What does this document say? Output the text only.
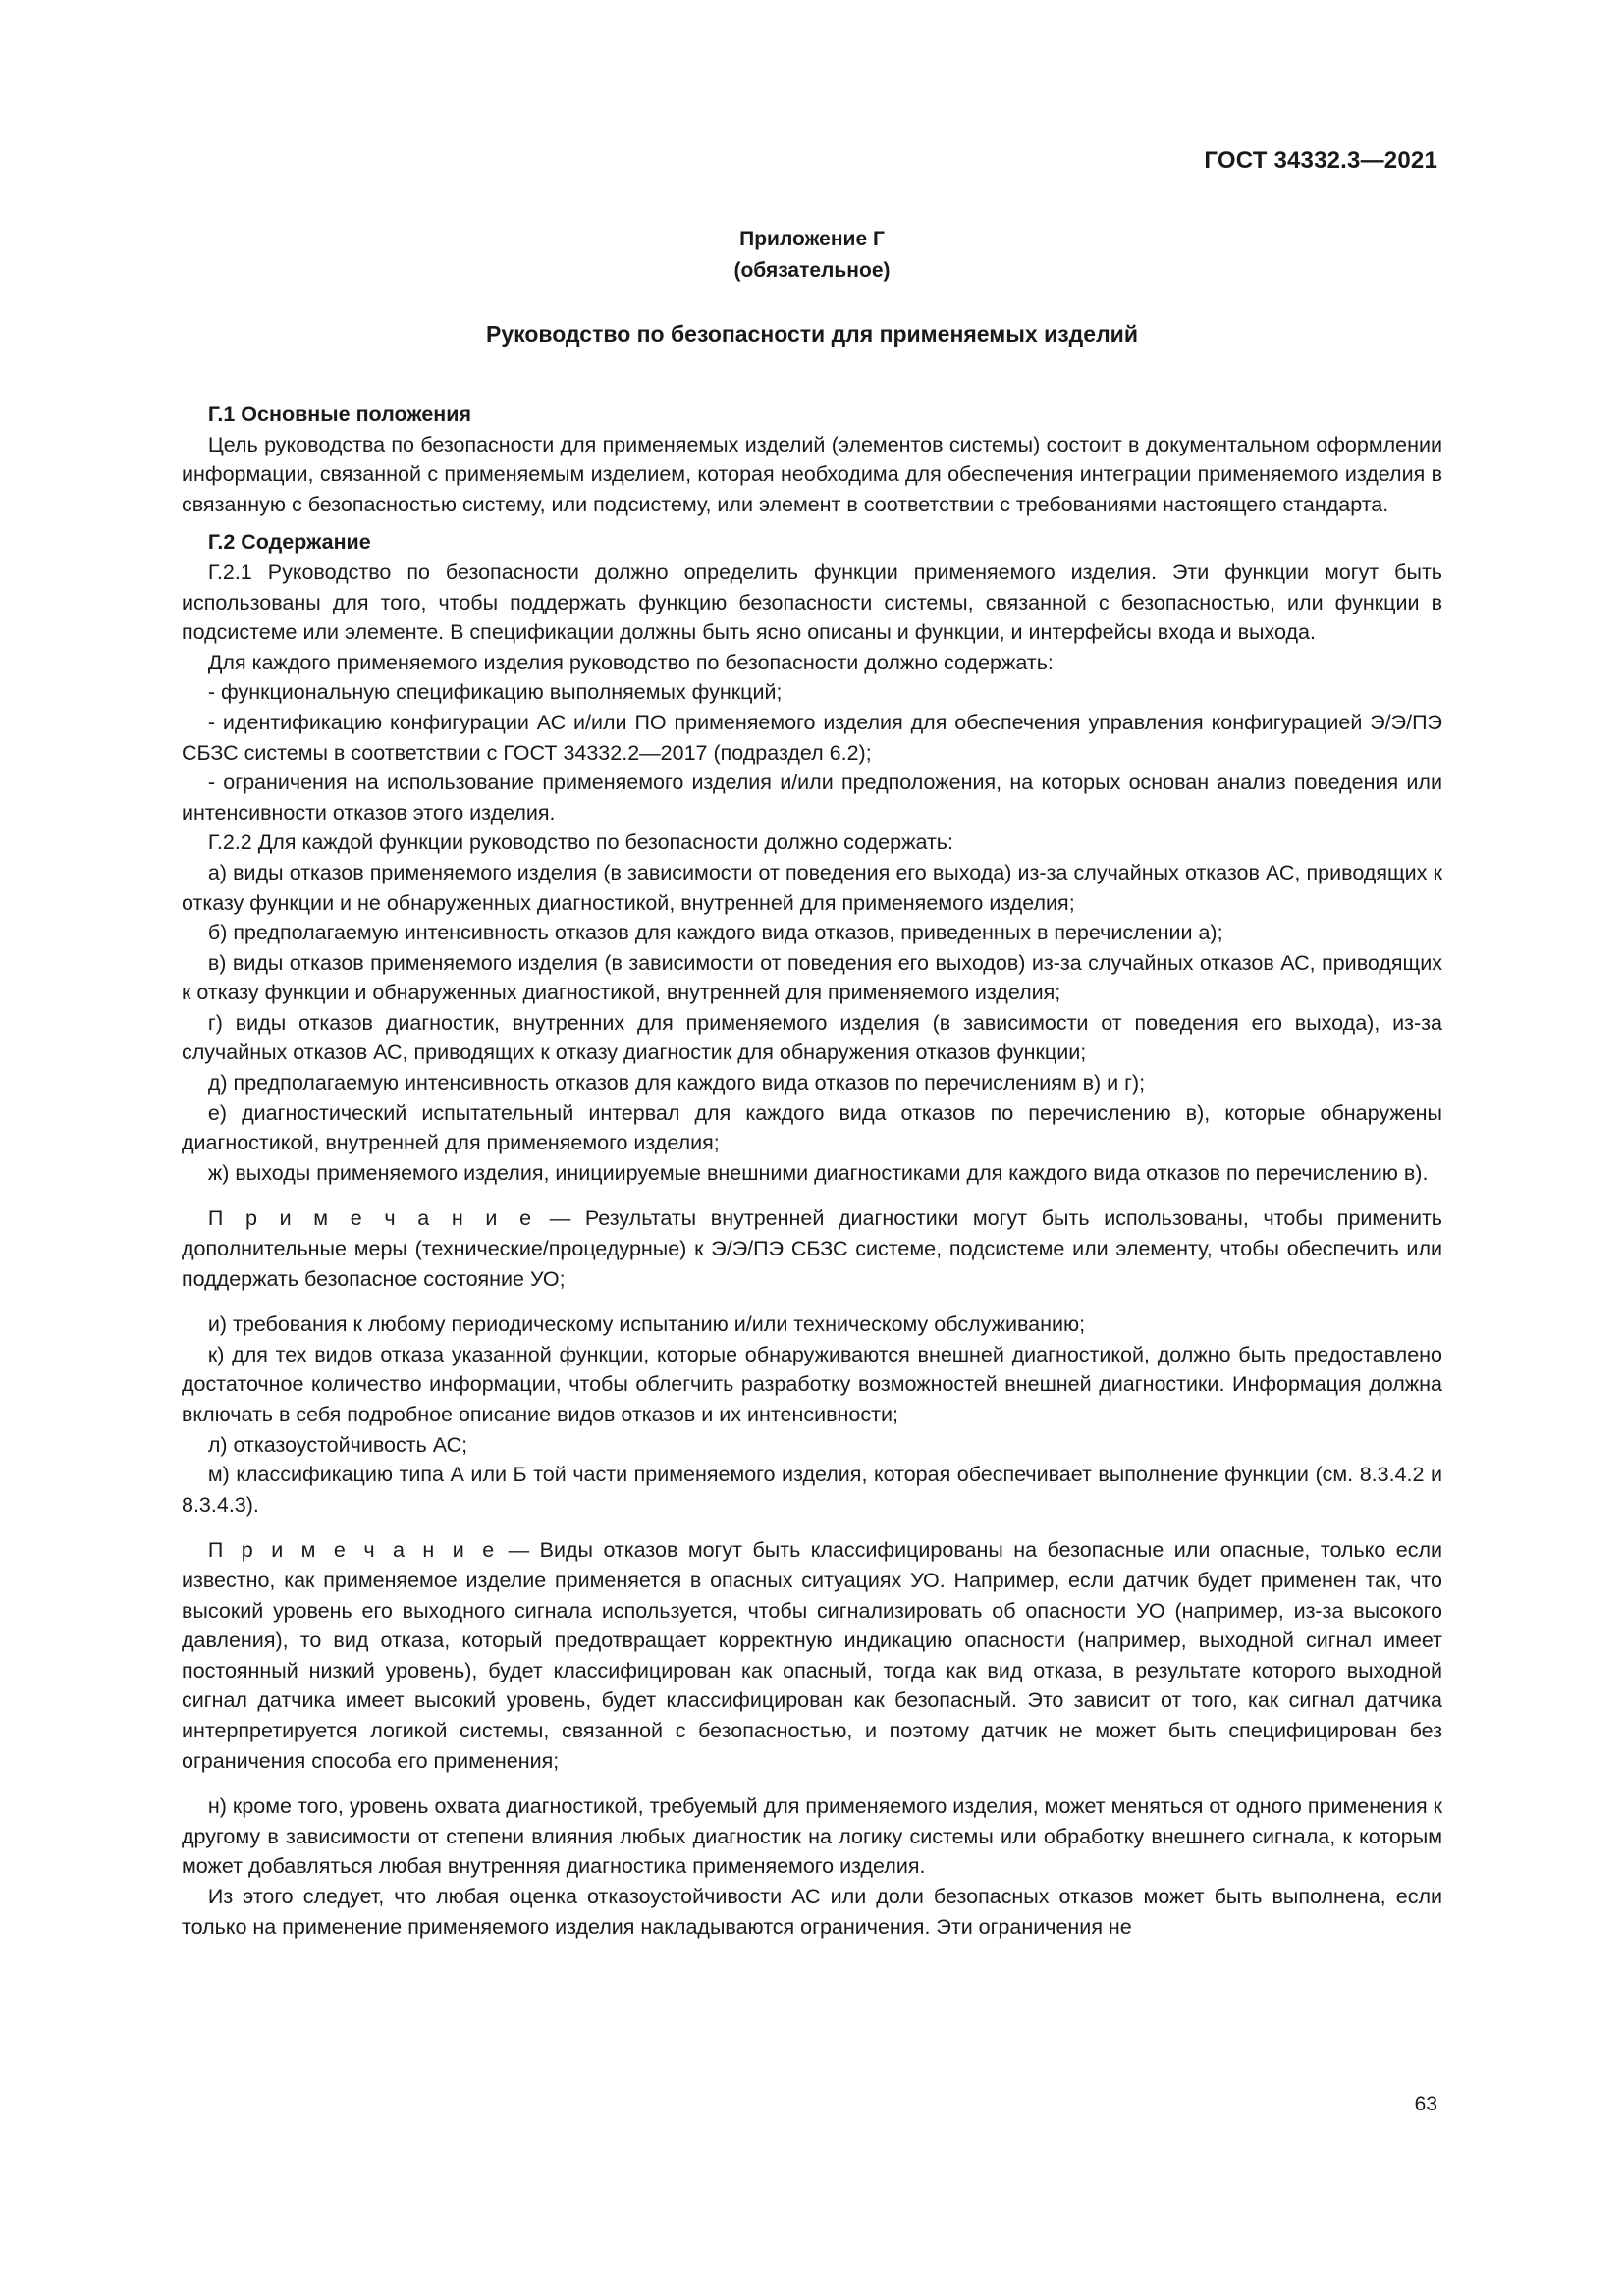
ГОСТ 34332.3—2021
Приложение Г
(обязательное)
Руководство по безопасности для применяемых изделий

Г.1 Основные положения

Цель руководства по безопасности для применяемых изделий (элементов системы) состоит в документальном оформлении информации, связанной с применяемым изделием, которая необходима для обеспечения интеграции применяемого изделия в связанную с безопасностью систему, или подсистему, или элемент в соответствии с требованиями настоящего стандарта.

Г.2 Содержание

Г.2.1 Руководство по безопасности должно определить функции применяемого изделия. Эти функции могут быть использованы для того, чтобы поддержать функцию безопасности системы, связанной с безопасностью, или функции в подсистеме или элементе. В спецификации должны быть ясно описаны и функции, и интерфейсы входа и выхода.

Для каждого применяемого изделия руководство по безопасности должно содержать:

- функциональную спецификацию выполняемых функций;

- идентификацию конфигурации АС и/или ПО применяемого изделия для обеспечения управления конфигурацией Э/Э/ПЭ СБЗС системы в соответствии с ГОСТ 34332.2—2017 (подраздел 6.2);

- ограничения на использование применяемого изделия и/или предположения, на которых основан анализ поведения или интенсивности отказов этого изделия.

Г.2.2 Для каждой функции руководство по безопасности должно содержать:

а) виды отказов применяемого изделия (в зависимости от поведения его выхода) из-за случайных отказов АС, приводящих к отказу функции и не обнаруженных диагностикой, внутренней для применяемого изделия;

б) предполагаемую интенсивность отказов для каждого вида отказов, приведенных в перечислении а);

в) виды отказов применяемого изделия (в зависимости от поведения его выходов) из-за случайных отказов АС, приводящих к отказу функции и обнаруженных диагностикой, внутренней для применяемого изделия;

г) виды отказов диагностик, внутренних для применяемого изделия (в зависимости от поведения его выхода), из-за случайных отказов АС, приводящих к отказу диагностик для обнаружения отказов функции;

д) предполагаемую интенсивность отказов для каждого вида отказов по перечислениям в) и г);

е) диагностический испытательный интервал для каждого вида отказов по перечислению в), которые обнаружены диагностикой, внутренней для применяемого изделия;

ж) выходы применяемого изделия, инициируемые внешними диагностиками для каждого вида отказов по перечислению в).

П р и м е ч а н и е — Результаты внутренней диагностики могут быть использованы, чтобы применить дополнительные меры (технические/процедурные) к Э/Э/ПЭ СБЗС системе, подсистеме или элементу, чтобы обеспечить или поддержать безопасное состояние УО;

и) требования к любому периодическому испытанию и/или техническому обслуживанию;

к) для тех видов отказа указанной функции, которые обнаруживаются внешней диагностикой, должно быть предоставлено достаточное количество информации, чтобы облегчить разработку возможностей внешней диагностики. Информация должна включать в себя подробное описание видов отказов и их интенсивности;

л) отказоустойчивость АС;

м) классификацию типа А или Б той части применяемого изделия, которая обеспечивает выполнение функции (см. 8.3.4.2 и 8.3.4.3).

П р и м е ч а н и е — Виды отказов могут быть классифицированы на безопасные или опасные, только если известно, как применяемое изделие применяется в опасных ситуациях УО. Например, если датчик будет применен так, что высокий уровень его выходного сигнала используется, чтобы сигнализировать об опасности УО (например, из-за высокого давления), то вид отказа, который предотвращает корректную индикацию опасности (например, выходной сигнал имеет постоянный низкий уровень), будет классифицирован как опасный, тогда как вид отказа, в результате которого выходной сигнал датчика имеет высокий уровень, будет классифицирован как безопасный. Это зависит от того, как сигнал датчика интерпретируется логикой системы, связанной с безопасностью, и поэтому датчик не может быть специфицирован без ограничения способа его применения;

н) кроме того, уровень охвата диагностикой, требуемый для применяемого изделия, может меняться от одного применения к другому в зависимости от степени влияния любых диагностик на логику системы или обработку внешнего сигнала, к которым может добавляться любая внутренняя диагностика применяемого изделия.

Из этого следует, что любая оценка отказоустойчивости АС или доли безопасных отказов может быть выполнена, если только на применение применяемого изделия накладываются ограничения. Эти ограничения не

63
